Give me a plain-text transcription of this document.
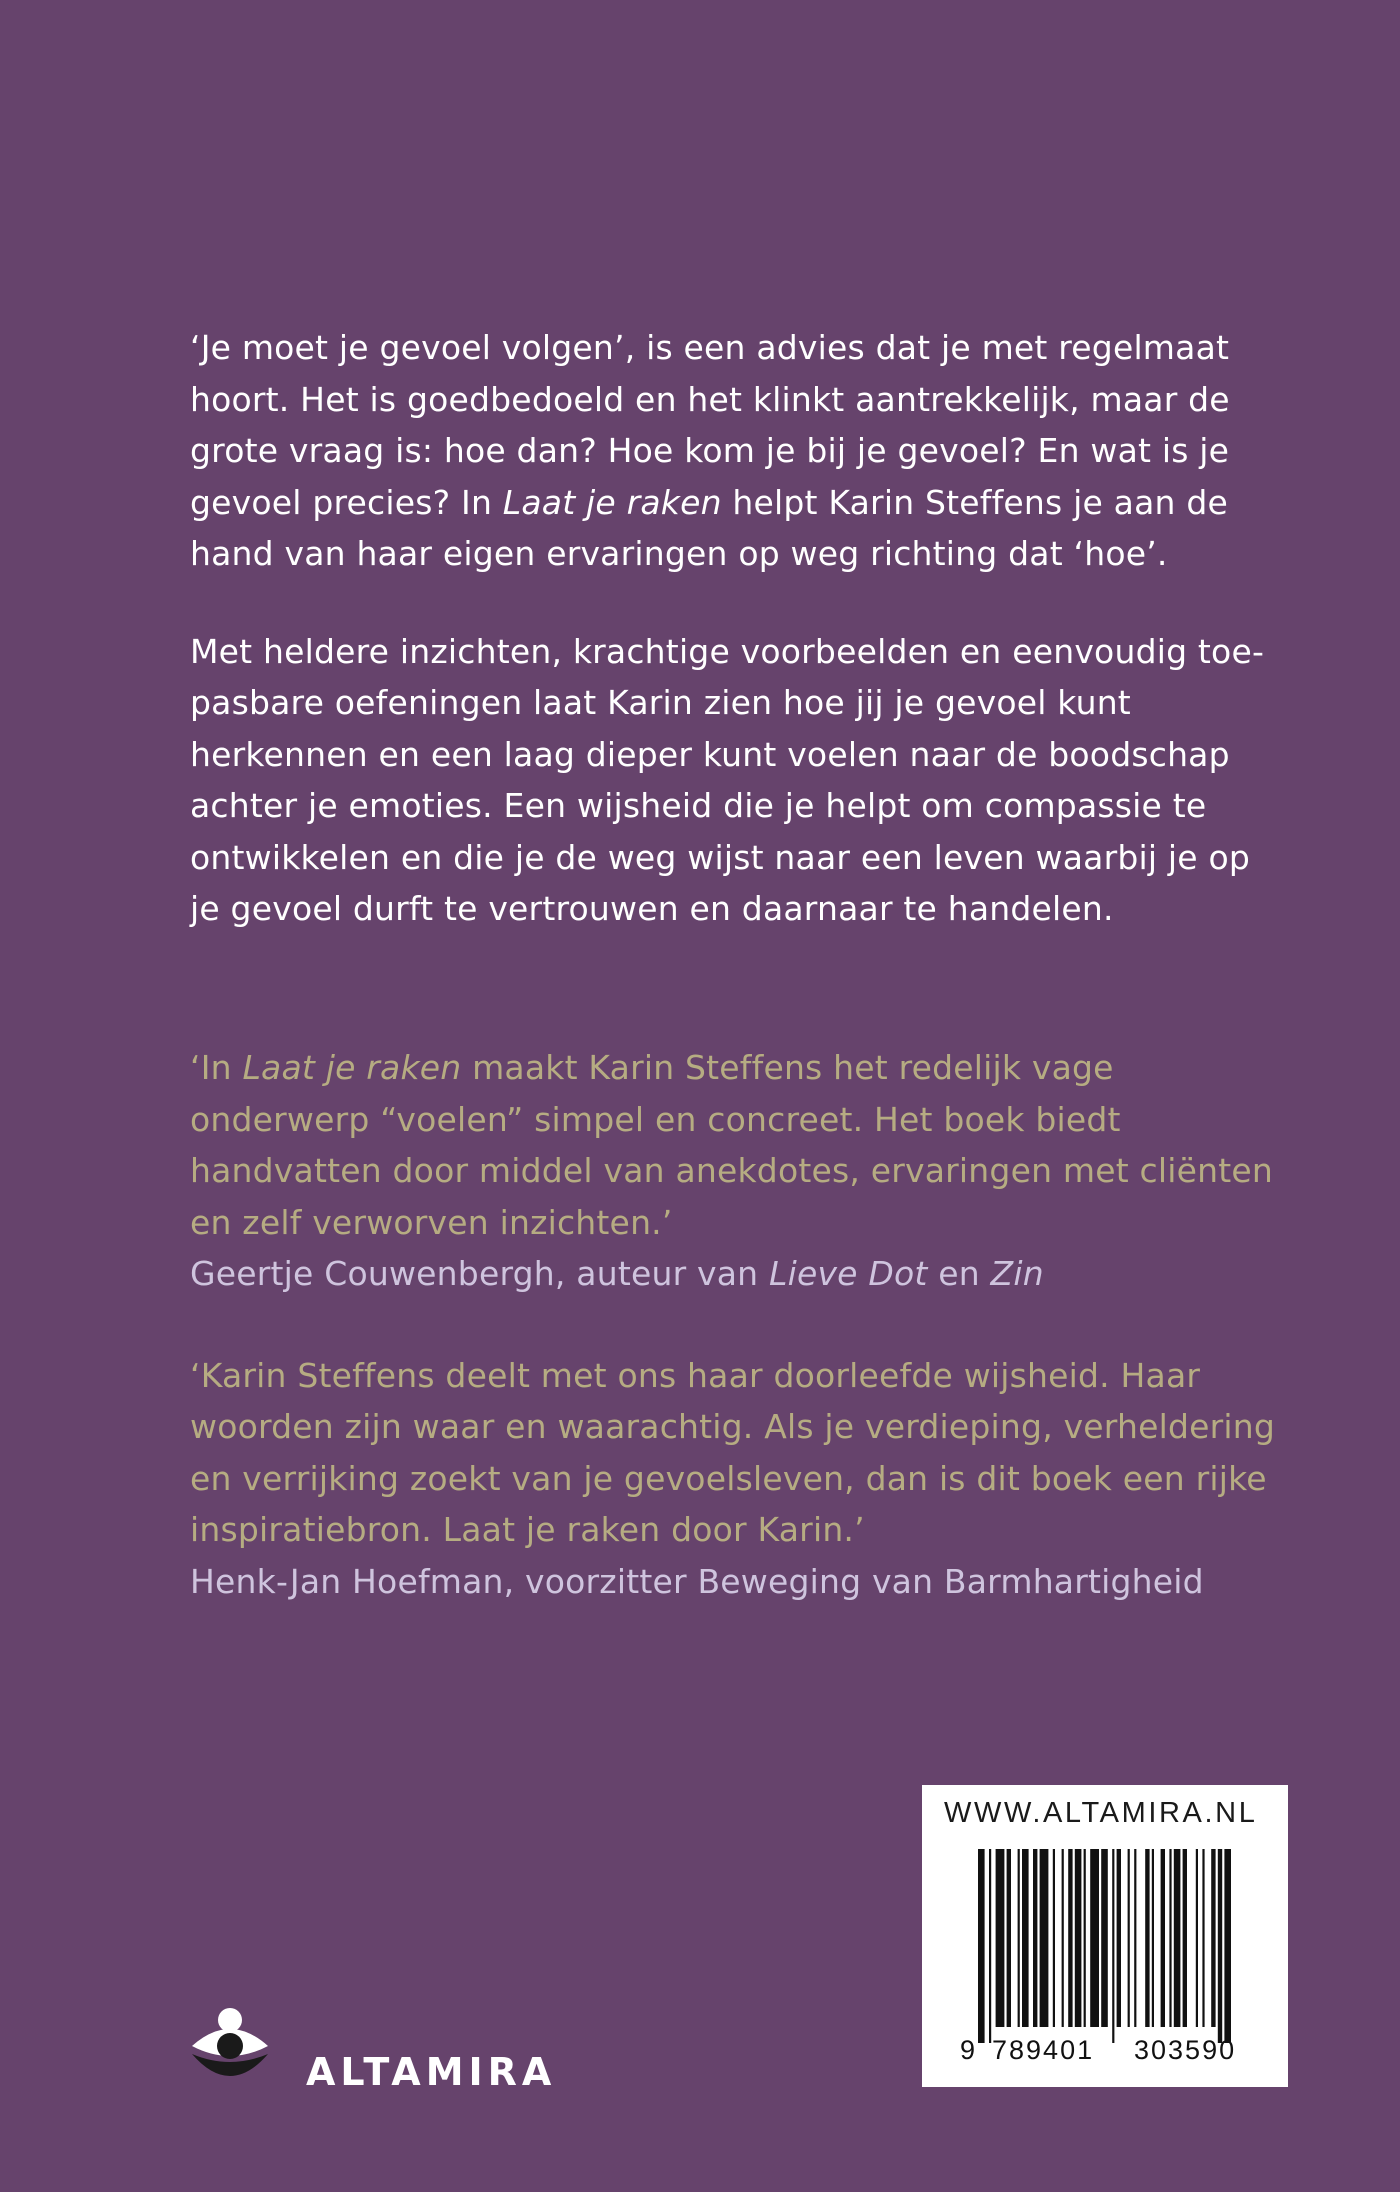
‘Je moet je gevoel volgen’, is een advies dat je met regelmaat hoort. Het is goedbedoeld en het klinkt aantrekkelijk, maar de grote vraag is: hoe dan? Hoe kom je bij je gevoel? En wat is je gevoel precies? In Laat je raken helpt Karin Steffens je aan de hand van haar eigen ervaringen op weg richting dat ‘hoe’.

Met heldere inzichten, krachtige voorbeelden en eenvoudig toepasbare oefeningen laat Karin zien hoe jij je gevoel kunt herkennen en een laag dieper kunt voelen naar de boodschap achter je emoties. Een wijsheid die je helpt om compassie te ontwikkelen en die je de weg wijst naar een leven waarbij je op je gevoel durft te vertrouwen en daarnaar te handelen.

‘In Laat je raken maakt Karin Steffens het redelijk vage onderwerp “voelen” simpel en concreet. Het boek biedt handvatten door middel van anekdotes, ervaringen met cliënten en zelf verworven inzichten.’
Geertje Couwenbergh, auteur van Lieve Dot en Zin
‘Karin Steffens deelt met ons haar doorleefde wijsheid. Haar woorden zijn waar en waarachtig. Als je verdieping, verheldering en verrijking zoekt van je gevoelsleven, dan is dit boek een rijke inspiratiebron. Laat je raken door Karin.’
Henk-Jan Hoefman, voorzitter Beweging van Barmhartigheid
ALTAMIRA
WWW.ALTAMIRA.NL
9 789401 303590
